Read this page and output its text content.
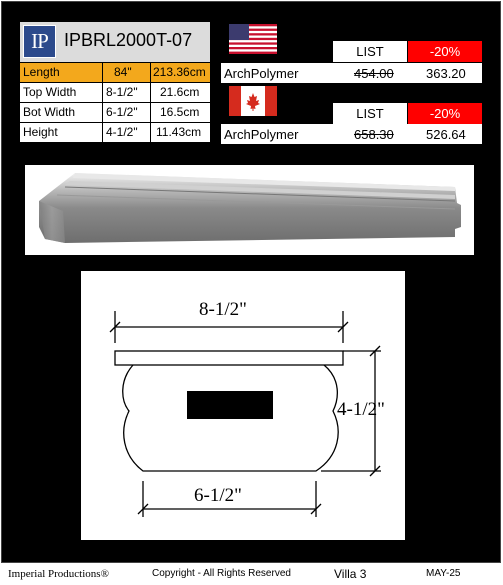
IP IPBRL2000T-07
Length	84" 213.36cm
Top Width 8-1/2" 21.6cm
Bot Width	6-1/2" 16.5cm
Height	4-1/2" 11.43cm
LIST	-20%
ArchPolymer	454.00 363.20
LIST	-20%
ArchPolymer	658.30 526.64
8-1/2"
4-1/2"
6-1/2"
Imperial Productions®	Copyright - All Rights Reserved	Villa 3	MAY-25
